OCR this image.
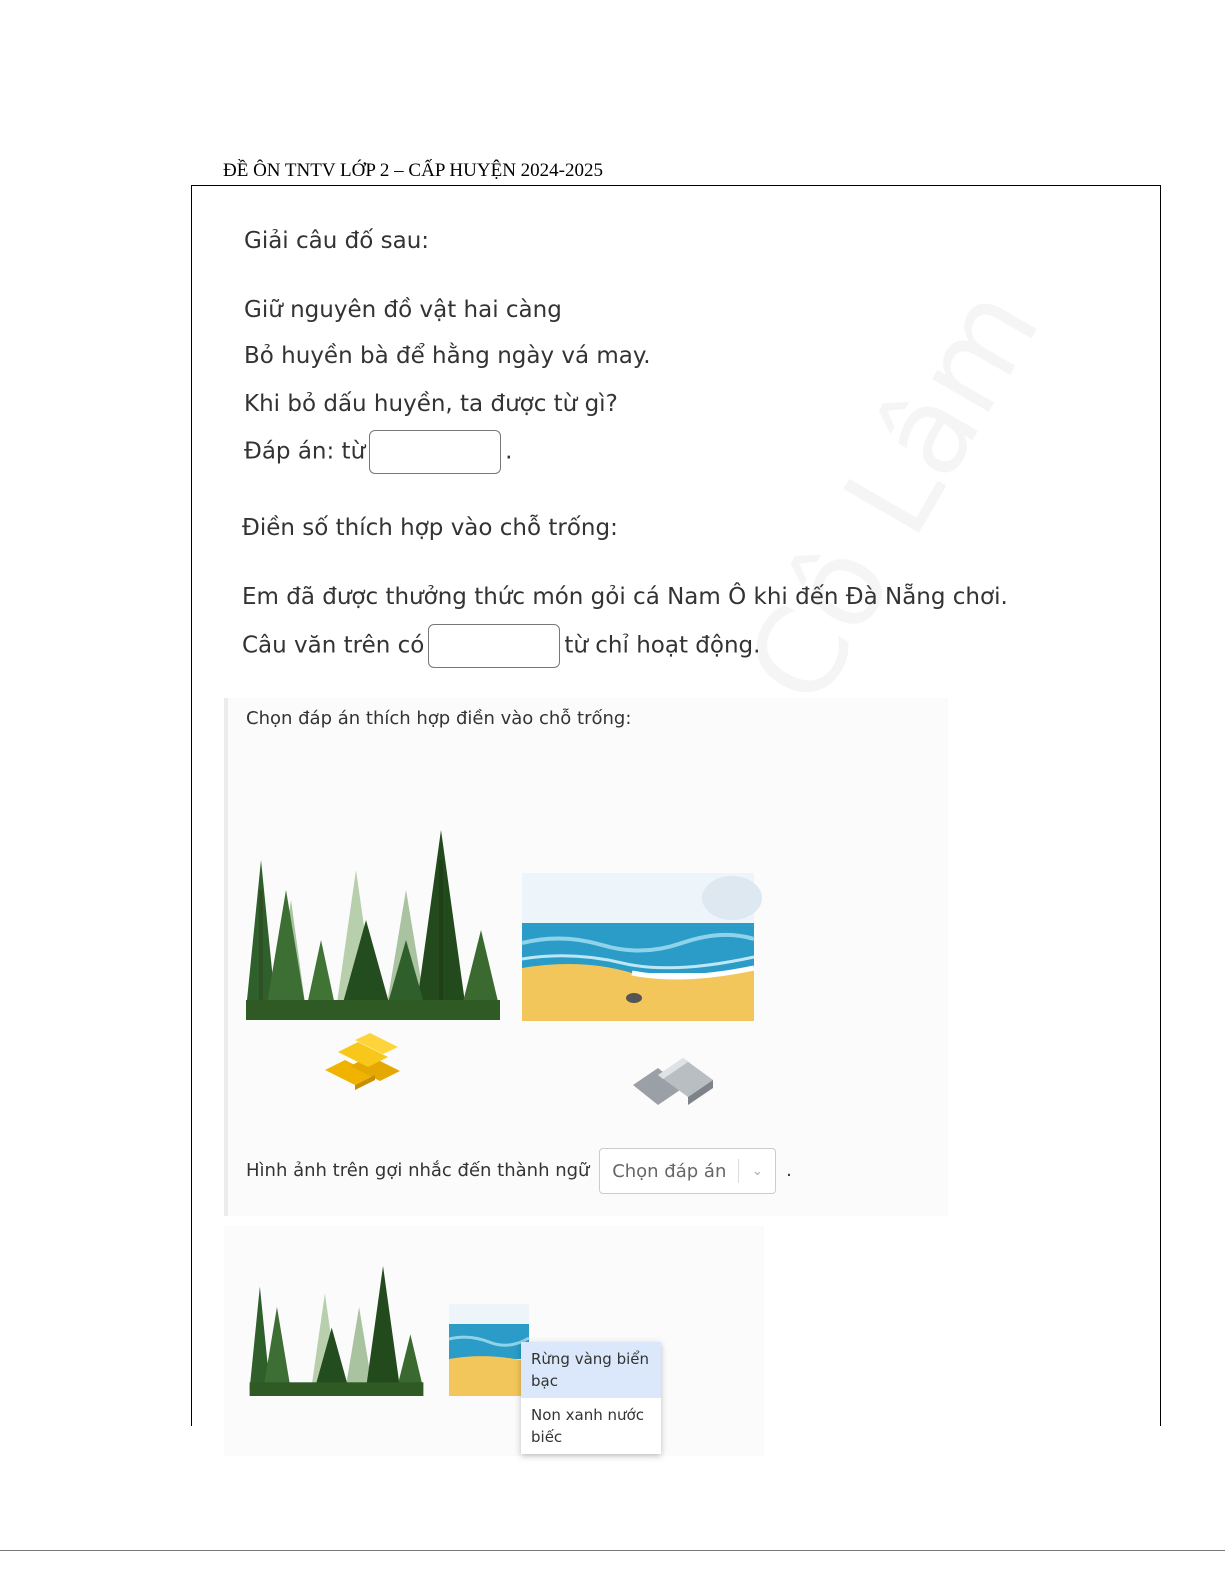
ĐỀ ÔN TNTV LỚP 2 – CẤP HUYỆN 2024-2025
Giải câu đố sau:
Giữ nguyên đồ vật hai càng
Bỏ huyền bà để hằng ngày vá may.
Khi bỏ dấu huyền, ta được từ gì?
Đáp án: từ	.
Điền số thích hợp vào chỗ trống:
Em đã được thưởng thức món gỏi cá Nam Ô khi đến Đà Nẵng chơi.
Câu văn trên có	từ chỉ hoạt động.
Chọn đáp án thích hợp điền vào chỗ trống:
Hình ảnh trên gợi nhắc đến thành ngữ	Chọn đáp án	⌄	.
Rừng vàng biển bạc
Non xanh nước biếc
